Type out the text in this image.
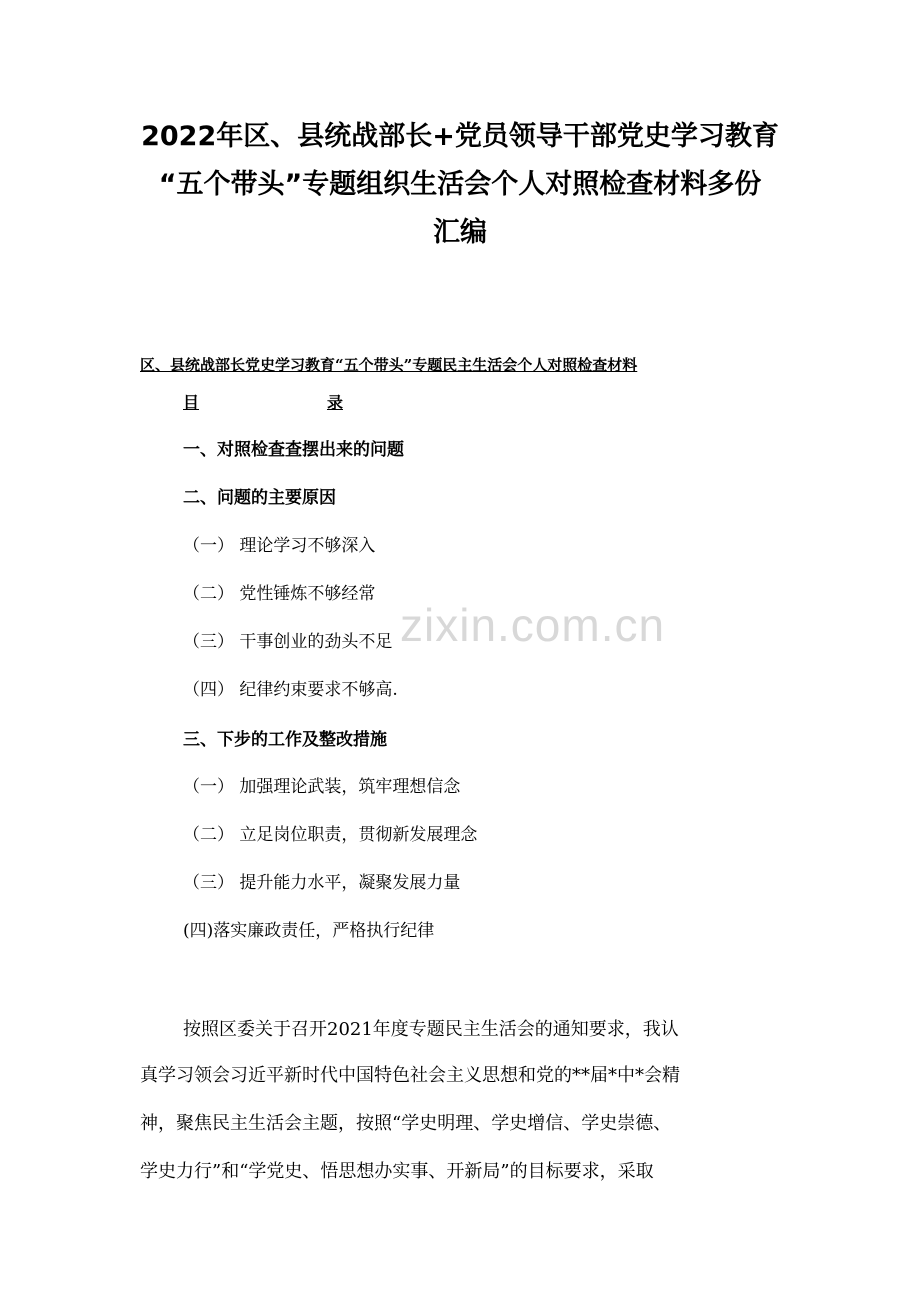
2022年区、县统战部长+党员领导干部党史学习教育
“五个带头”专题组织生活会个人对照检查材料多份
汇编
区、县统战部长党史学习教育“五个带头”专题民主生活会个人对照检查材料
目	录
一、对照检查查摆出来的问题
二、问题的主要原因
（一） 理论学习不够深入
（二） 党性锤炼不够经常
（三） 干事创业的劲头不足
（四） 纪律约束要求不够高.
三、下步的工作及整改措施
（一） 加强理论武装，筑牢理想信念
（二） 立足岗位职责，贯彻新发展理念
（三） 提升能力水平，凝聚发展力量
(四)落实廉政责任，严格执行纪律
按照区委关于召开2021年度专题民主生活会的通知要求，我认
真学习领会习近平新时代中国特色社会主义思想和党的**届*中*会精
神，聚焦民主生活会主题，按照“学史明理、学史增信、学史崇德、
学史力行”和“学党史、悟思想办实事、开新局”的目标要求，采取
zixin.com.cn
